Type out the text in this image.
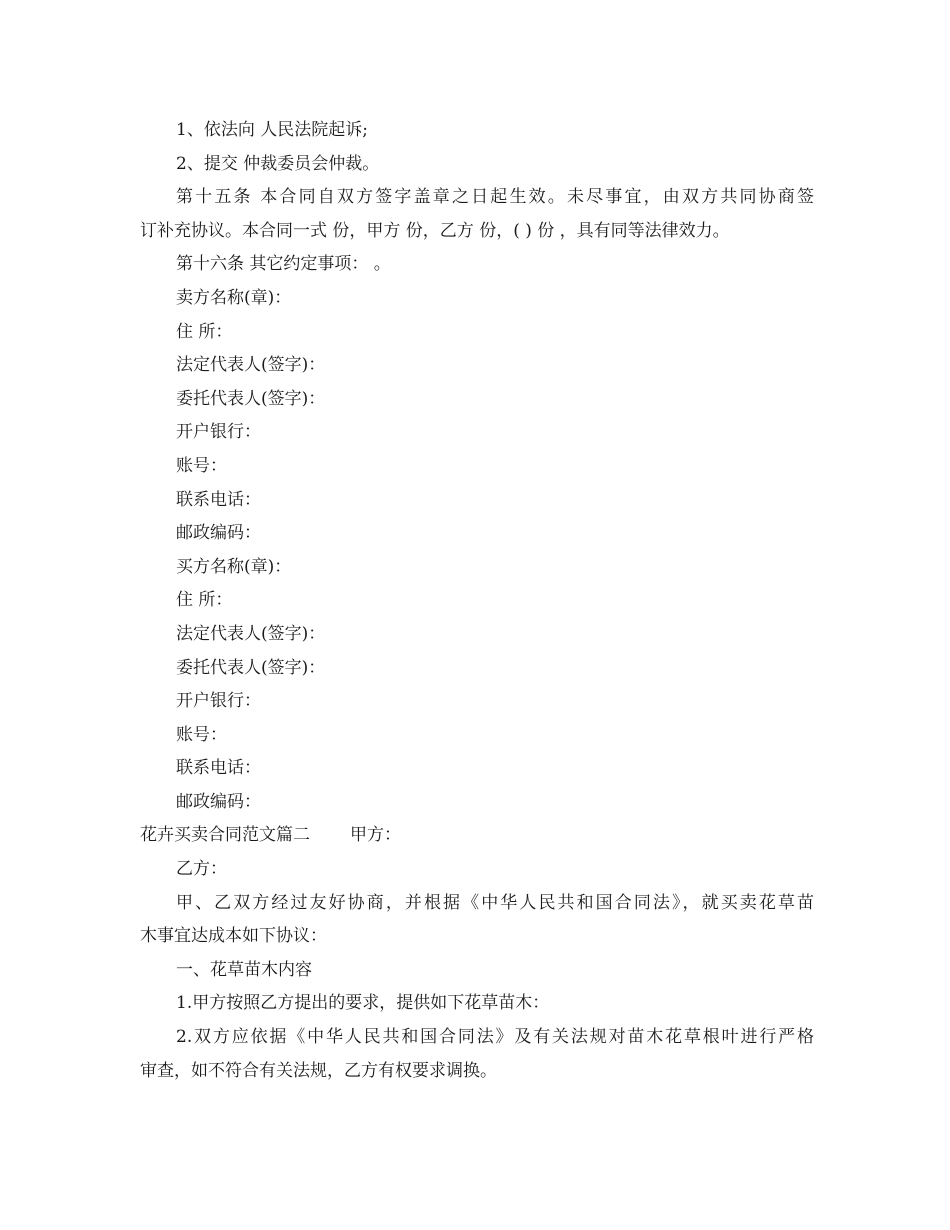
1、依法向 人民法院起诉;
2、提交 仲裁委员会仲裁。
第十五条 本合同自双方签字盖章之日起生效。未尽事宜，由双方共同协商签
订补充协议。本合同一式 份，甲方 份，乙方 份，( ) 份 ，具有同等法律效力。
第十六条 其它约定事项： 。
卖方名称(章)：
住 所：
法定代表人(签字)：
委托代表人(签字)：
开户银行：
账号：
联系电话：
邮政编码：
买方名称(章)：
住 所：
法定代表人(签字)：
委托代表人(签字)：
开户银行：
账号：
联系电话：
邮政编码：
花卉买卖合同范文篇二 甲方：
乙方：
甲、乙双方经过友好协商，并根据《中华人民共和国合同法》，就买卖花草苗
木事宜达成本如下协议：
一、花草苗木内容
1.甲方按照乙方提出的要求，提供如下花草苗木：
2.双方应依据《中华人民共和国合同法》及有关法规对苗木花草根叶进行严格
审查，如不符合有关法规，乙方有权要求调换。
